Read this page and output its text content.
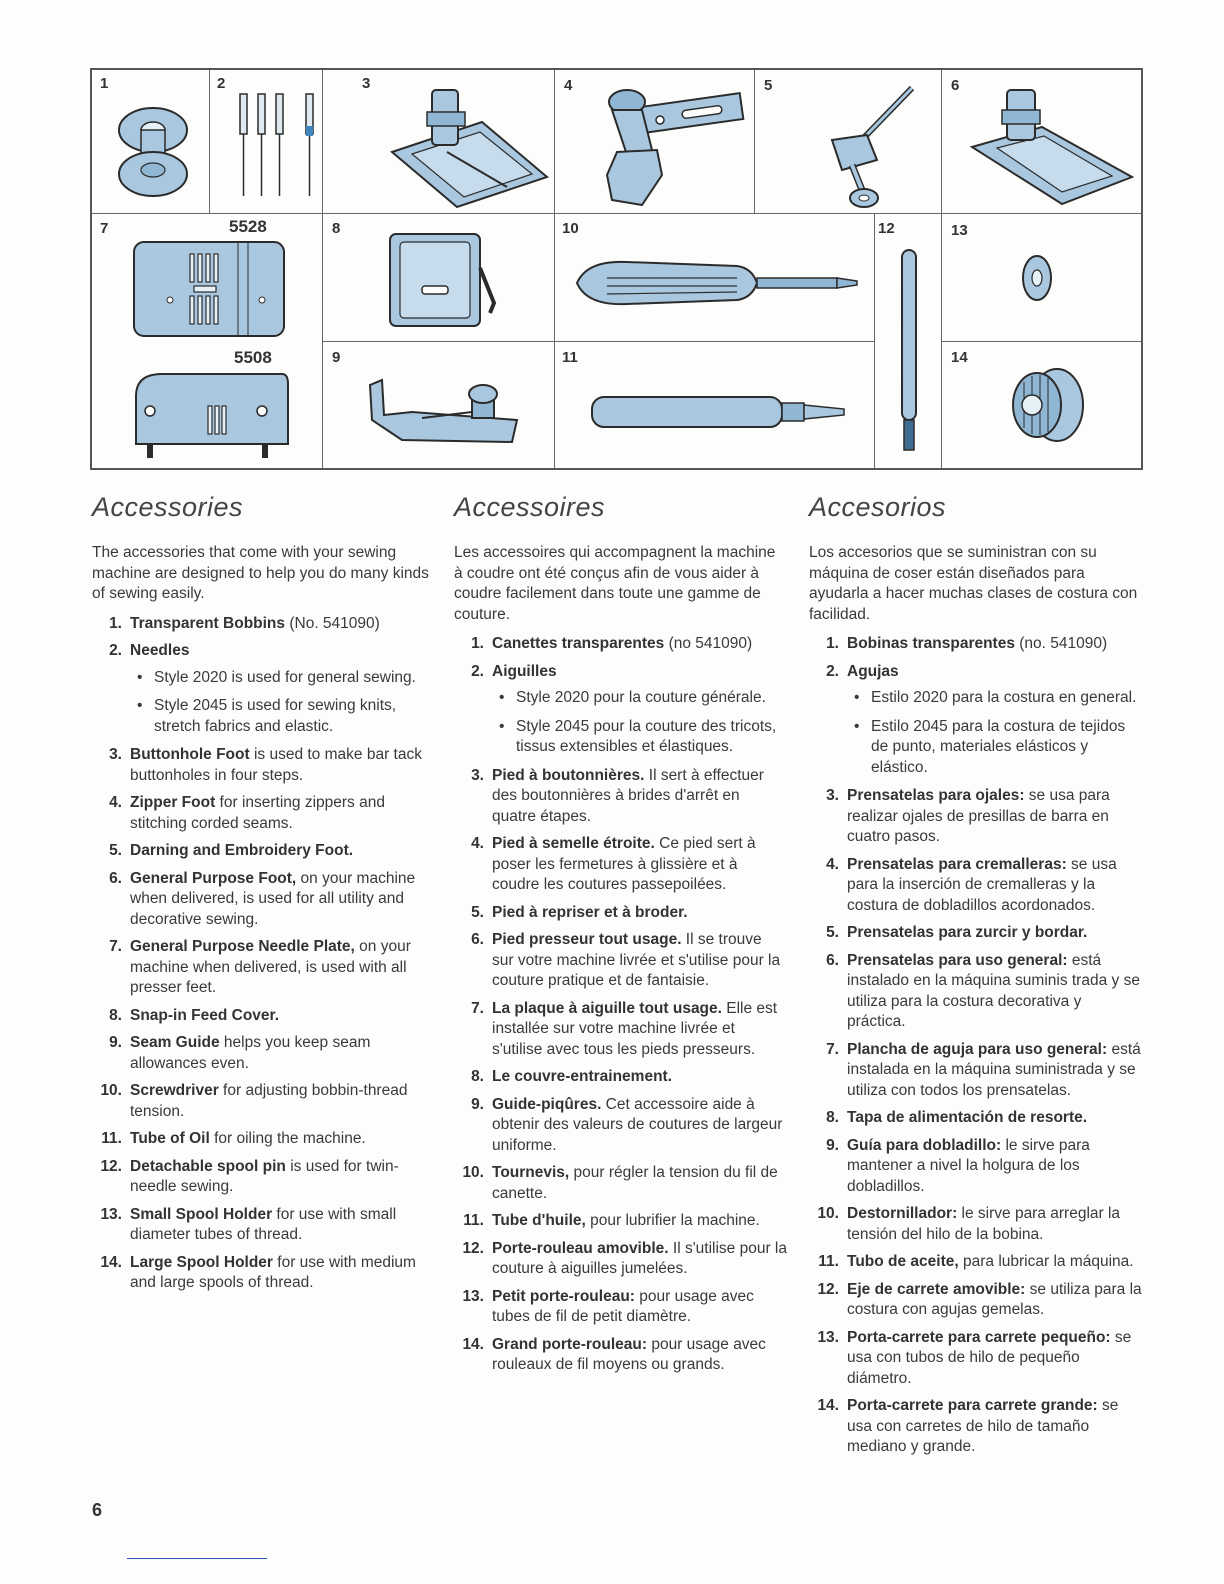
1	2	3	4	5	6
7	8
9
10
11
12	13
14
5528
5508
Accessories

The accessories that come with your sewing machine are designed to help you do many kinds of sewing easily.

1. Transparent Bobbins (No. 541090)
2. Needles
• Style 2020 is used for general sewing.
• Style 2045 is used for sewing knits, stretch fabrics and elastic.
3. Buttonhole Foot is used to make bar tack buttonholes in four steps.
4. Zipper Foot for inserting zippers and stitching corded seams.
5. Darning and Embroidery Foot.
6. General Purpose Foot, on your machine when delivered, is used for all utility and decorative sewing.
7. General Purpose Needle Plate, on your machine when delivered, is used with all presser feet.
8. Snap-in Feed Cover.
9. Seam Guide helps you keep seam allowances even.
10. Screwdriver for adjusting bobbin-thread tension.
11. Tube of Oil for oiling the machine.
12. Detachable spool pin is used for twin-needle sewing.
13. Small Spool Holder for use with small diameter tubes of thread.
14. Large Spool Holder for use with medium and large spools of thread.
Accessoires

Les accessoires qui accompagnent la machine à coudre ont été conçus afin de vous aider à coudre facilement dans toute une gamme de couture.

1. Canettes transparentes (no 541090)
2. Aiguilles
• Style 2020 pour la couture générale.
• Style 2045 pour la couture des tricots, tissus extensibles et élastiques.
3. Pied à boutonnières. Il sert à effectuer des boutonnières à brides d'arrêt en quatre étapes.
4. Pied à semelle étroite. Ce pied sert à poser les fermetures à glissière et à coudre les coutures passepoilées.
5. Pied à repriser et à broder.
6. Pied presseur tout usage. Il se trouve sur votre machine livrée et s'utilise pour la couture pratique et de fantaisie.
7. La plaque à aiguille tout usage. Elle est installée sur votre machine livrée et s'utilise avec tous les pieds presseurs.
8. Le couvre-entrainement.
9. Guide-piqûres. Cet accessoire aide à obtenir des valeurs de coutures de largeur uniforme.
10. Tournevis, pour régler la tension du fil de canette.
11. Tube d'huile, pour lubrifier la machine.
12. Porte-rouleau amovible. Il s'utilise pour la couture à aiguilles jumelées.
13. Petit porte-rouleau: pour usage avec tubes de fil de petit diamètre.
14. Grand porte-rouleau: pour usage avec rouleaux de fil moyens ou grands.
Accesorios

Los accesorios que se suministran con su máquina de coser están diseñados para ayudarla a hacer muchas clases de costura con facilidad.

1. Bobinas transparentes (no. 541090)
2. Agujas
• Estilo 2020 para la costura en general.
• Estilo 2045 para la costura de tejidos de punto, materiales elásticos y elástico.
3. Prensatelas para ojales: se usa para realizar ojales de presillas de barra en cuatro pasos.
4. Prensatelas para cremalleras: se usa para la inserción de cremalleras y la costura de dobladillos acordonados.
5. Prensatelas para zurcir y bordar.
6. Prensatelas para uso general: está instalado en la máquina suminis trada y se utiliza para la costura decorativa y práctica.
7. Plancha de aguja para uso general: está instalada en la máquina suministrada y se utiliza con todos los prensatelas.
8. Tapa de alimentación de resorte.
9. Guía para dobladillo: le sirve para mantener a nivel la holgura de los dobladillos.
10. Destornillador: le sirve para arreglar la tensión del hilo de la bobina.
11. Tubo de aceite, para lubricar la máquina.
12. Eje de carrete amovible: se utiliza para la costura con agujas gemelas.
13. Porta-carrete para carrete pequeño: se usa con tubos de hilo de pequeño diámetro.
14. Porta-carrete para carrete grande: se usa con carretes de hilo de tamaño mediano y grande.
6
